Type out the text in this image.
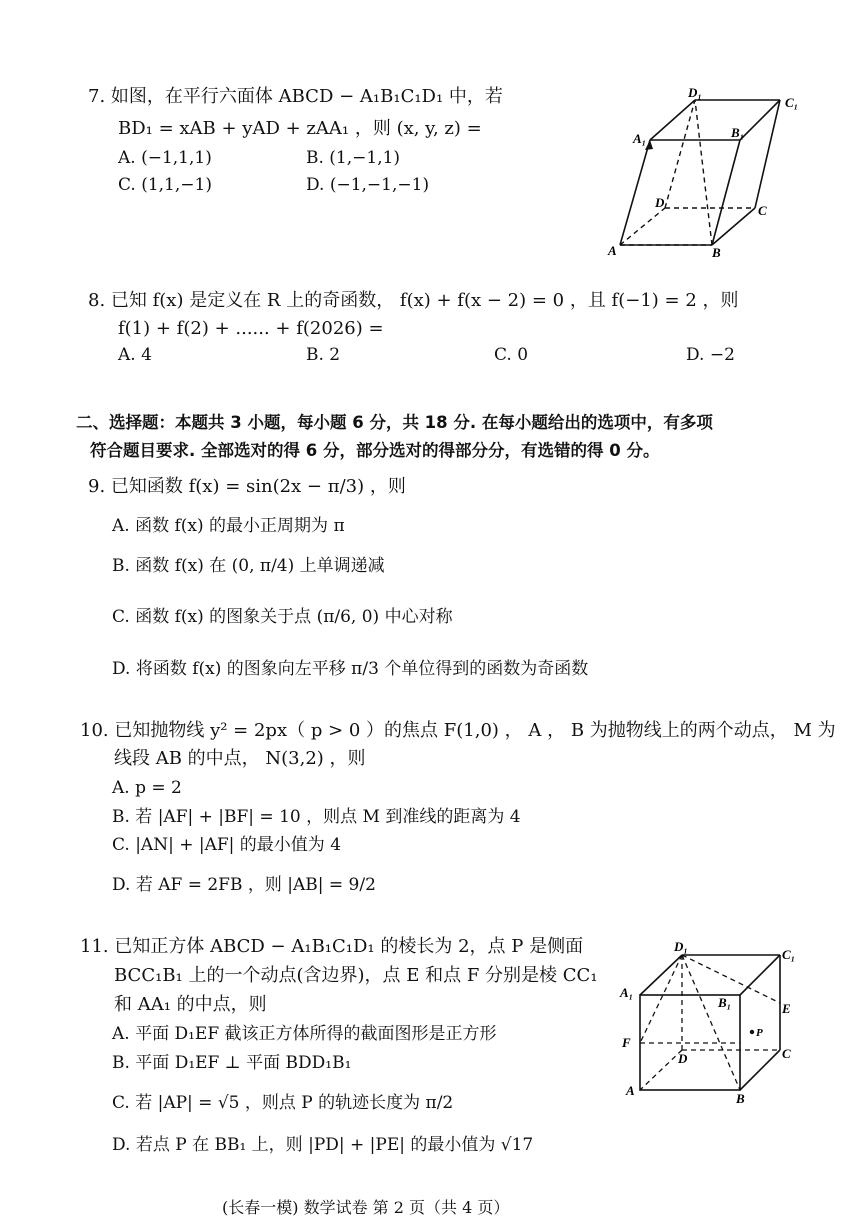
7. 如图，在平行六面体 ABCD − A₁B₁C₁D₁ 中，若
BD₁ = xAB + yAD + zAA₁ ，则 (x, y, z) =
A. (−1,1,1)	B. (1,−1,1)
C. (1,1,−1)	D. (−1,−1,−1)
D₁
C₁
A₁	B₁
D
C
A	B
8. 已知 f(x) 是定义在 R 上的奇函数， f(x) + f(x − 2) = 0 ，且 f(−1) = 2 ，则
f(1) + f(2) + ...... + f(2026) =
A. 4	B. 2	C. 0	D. −2
二、选择题：本题共 3 小题，每小题 6 分，共 18 分. 在每小题给出的选项中，有多项
符合题目要求. 全部选对的得 6 分，部分选对的得部分分，有选错的得 0 分。
9. 已知函数 f(x) = sin(2x − π/3) ，则
A. 函数 f(x) 的最小正周期为 π
B. 函数 f(x) 在 (0, π/4) 上单调递减
C. 函数 f(x) 的图象关于点 (π/6, 0) 中心对称
D. 将函数 f(x) 的图象向左平移 π/3 个单位得到的函数为奇函数
10. 已知抛物线 y² = 2px（ p > 0 ）的焦点 F(1,0) ， A ， B 为抛物线上的两个动点， M 为
线段 AB 的中点， N(3,2) ，则
A. p = 2
B. 若 |AF| + |BF| = 10 ，则点 M 到准线的距离为 4
C. |AN| + |AF| 的最小值为 4
D. 若 AF = 2FB ，则 |AB| = 9/2
11. 已知正方体 ABCD − A₁B₁C₁D₁ 的棱长为 2，点 P 是侧面
BCC₁B₁ 上的一个动点(含边界)，点 E 和点 F 分别是棱 CC₁
和 AA₁ 的中点，则
A. 平面 D₁EF 截该正方体所得的截面图形是正方形
B. 平面 D₁EF ⊥ 平面 BDD₁B₁
C. 若 |AP| = √5 ，则点 P 的轨迹长度为 π/2
D. 若点 P 在 BB₁ 上，则 |PD| + |PE| 的最小值为 √17
D₁
C₁
A₁
B₁	E
F
P
D	C
A
B
(长春一模) 数学试卷 第 2 页（共 4 页）
